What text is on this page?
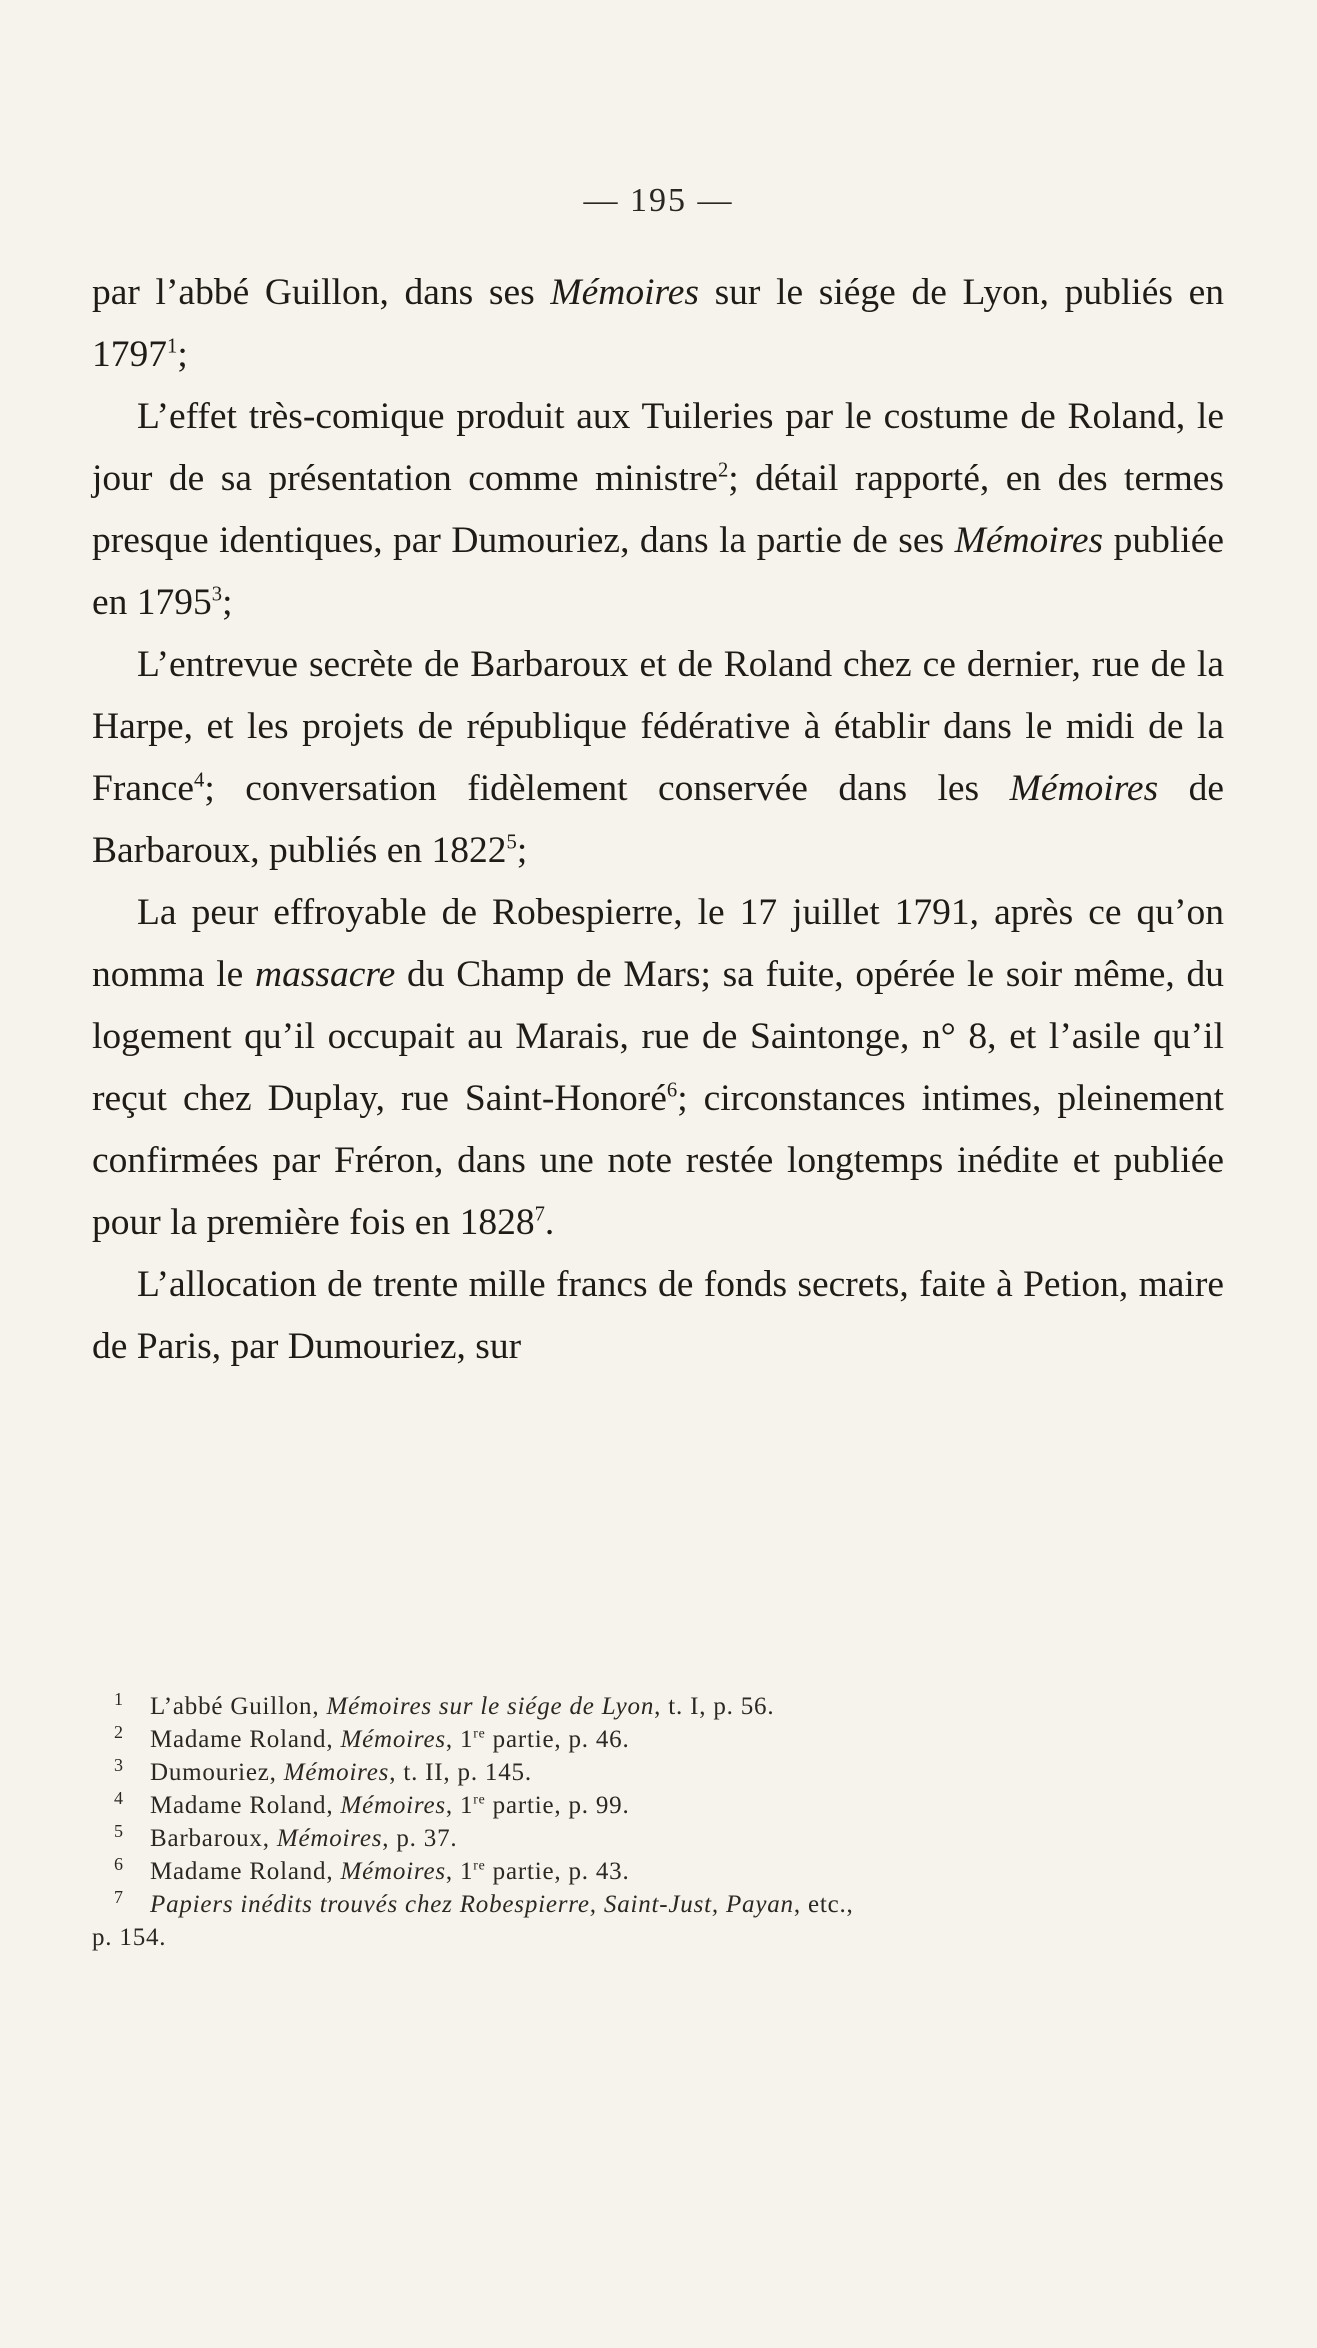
— 195 —

par l’abbé Guillon, dans ses Mémoires sur le siége de Lyon, publiés en 1797$^1$;

L’effet très-comique produit aux Tuileries par le costume de Roland, le jour de sa présentation comme ministre$^2$; détail rapporté, en des termes presque identiques, par Dumouriez, dans la partie de ses Mémoires publiée en 1795$^3$;

L’entrevue secrète de Barbaroux et de Roland chez ce dernier, rue de la Harpe, et les projets de république fédérative à établir dans le midi de la France$^4$; conversation fidèlement conservée dans les Mémoires de Barbaroux, publiés en 1822$^5$;

La peur effroyable de Robespierre, le 17 juillet 1791, après ce qu’on nomma le massacre du Champ de Mars; sa fuite, opérée le soir même, du logement qu’il occupait au Marais, rue de Saintonge, n° 8, et l’asile qu’il reçut chez Duplay, rue Saint-Honoré$^6$; circonstances intimes, pleinement confirmées par Fréron, dans une note restée longtemps inédite et publiée pour la première fois en 1828$^7$.

L’allocation de trente mille francs de fonds secrets, faite à Petion, maire de Paris, par Dumouriez, sur

1 L’abbé Guillon, Mémoires sur le siége de Lyon, t. I, p. 56.
2 Madame Roland, Mémoires, 1re partie, p. 46.
3 Dumouriez, Mémoires, t. II, p. 145.
4 Madame Roland, Mémoires, 1re partie, p. 99.
5 Barbaroux, Mémoires, p. 37.
6 Madame Roland, Mémoires, 1re partie, p. 43.
7 Papiers inédits trouvés chez Robespierre, Saint-Just, Payan, etc.,
p. 154.
